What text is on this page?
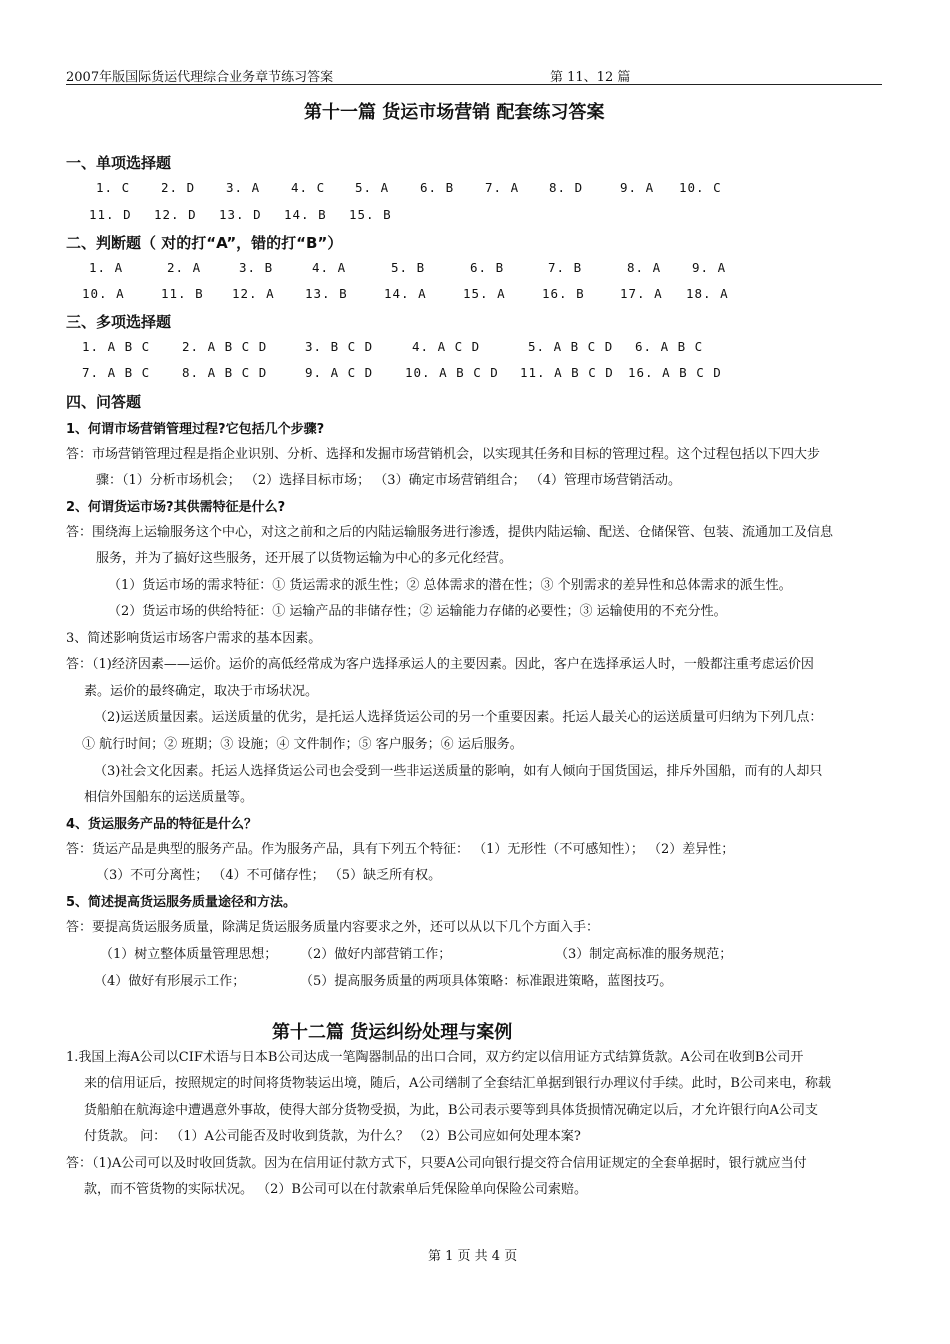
2007年版国际货运代理综合业务章节练习答案	第 11、12 篇
第十一篇 货运市场营销 配套练习答案
一、单项选择题
1. C 2. D 3. A 4. C 5. A 6. B 7. A 8. D	9. A 10. C
11. D 12. D 13. D 14. B 15. B
二、判断题（ 对的打“A”，错的打“B”）
1. A	2. A	3. B	4. A	5. B	6. B	7. B	8. A 9. A
10. A	11. B 12. A 13. B	14. A	15. A	16. B	17. A 18. A
三、多项选择题
1. A B C	2. A B C D	3. B C D	4. A C D	5. A B C D 6. A B C
7. A B C	8. A B C D	9. A C D	10. A B C D 11. A B C D 16. A B C D
四、问答题
1、何谓市场营销管理过程?它包括几个步骤?
答：市场营销管理过程是指企业识别、分析、选择和发掘市场营销机会，以实现其任务和目标的管理过程。这个过程包括以下四大步
骤：（1）分析市场机会； （2）选择目标市场； （3）确定市场营销组合； （4）管理市场营销活动。
2、何谓货运市场?其供需特征是什么?
答：围绕海上运输服务这个中心，对这之前和之后的内陆运输服务进行渗透，提供内陆运输、配送、仓储保管、包装、流通加工及信息
服务，并为了搞好这些服务，还开展了以货物运输为中心的多元化经营。
（1）货运市场的需求特征：① 货运需求的派生性；② 总体需求的潜在性；③ 个别需求的差异性和总体需求的派生性。
（2）货运市场的供给特征：① 运输产品的非储存性；② 运输能力存储的必要性；③ 运输使用的不充分性。
3、简述影响货运市场客户需求的基本因素。
答：（1)经济因素——运价。运价的高低经常成为客户选择承运人的主要因素。因此，客户在选择承运人时，一般都注重考虑运价因
素。运价的最终确定，取决于市场状况。
（2)运送质量因素。运送质量的优劣，是托运人选择货运公司的另一个重要因素。托运人最关心的运送质量可归纳为下列几点：
① 航行时间；② 班期；③ 设施；④ 文件制作；⑤ 客户服务；⑥ 运后服务。
（3)社会文化因素。托运人选择货运公司也会受到一些非运送质量的影响，如有人倾向于国货国运，排斥外国船，而有的人却只
相信外国船东的运送质量等。
4、货运服务产品的特征是什么？
答：货运产品是典型的服务产品。作为服务产品，具有下列五个特征： （1）无形性（不可感知性）； （2）差异性；
（3）不可分离性； （4）不可储存性； （5）缺乏所有权。
5、简述提高货运服务质量途径和方法。
答：要提高货运服务质量，除满足货运服务质量内容要求之外，还可以从以下几个方面入手：
（1）树立整体质量管理思想； （2）做好内部营销工作；	（3）制定高标准的服务规范；
（4）做好有形展示工作；	（5）提高服务质量的两项具体策略：标准跟进策略，蓝图技巧。
第十二篇 货运纠纷处理与案例
1.我国上海A公司以CIF术语与日本B公司达成一笔陶器制品的出口合同，双方约定以信用证方式结算货款。A公司在收到B公司开
来的信用证后，按照规定的时间将货物装运出境，随后，A公司缮制了全套结汇单据到银行办理议付手续。此时，B公司来电，称载
货船舶在航海途中遭遇意外事故，使得大部分货物受损，为此，B公司表示要等到具体货损情况确定以后，才允许银行向A公司支
付货款。 问： （1）A公司能否及时收到货款，为什么？ （2）B公司应如何处理本案?
答：（1)A公司可以及时收回货款。因为在信用证付款方式下，只要A公司向银行提交符合信用证规定的全套单据时，银行就应当付
款，而不管货物的实际状况。 （2）B公司可以在付款索单后凭保险单向保险公司索赔。
第 1 页 共 4 页
